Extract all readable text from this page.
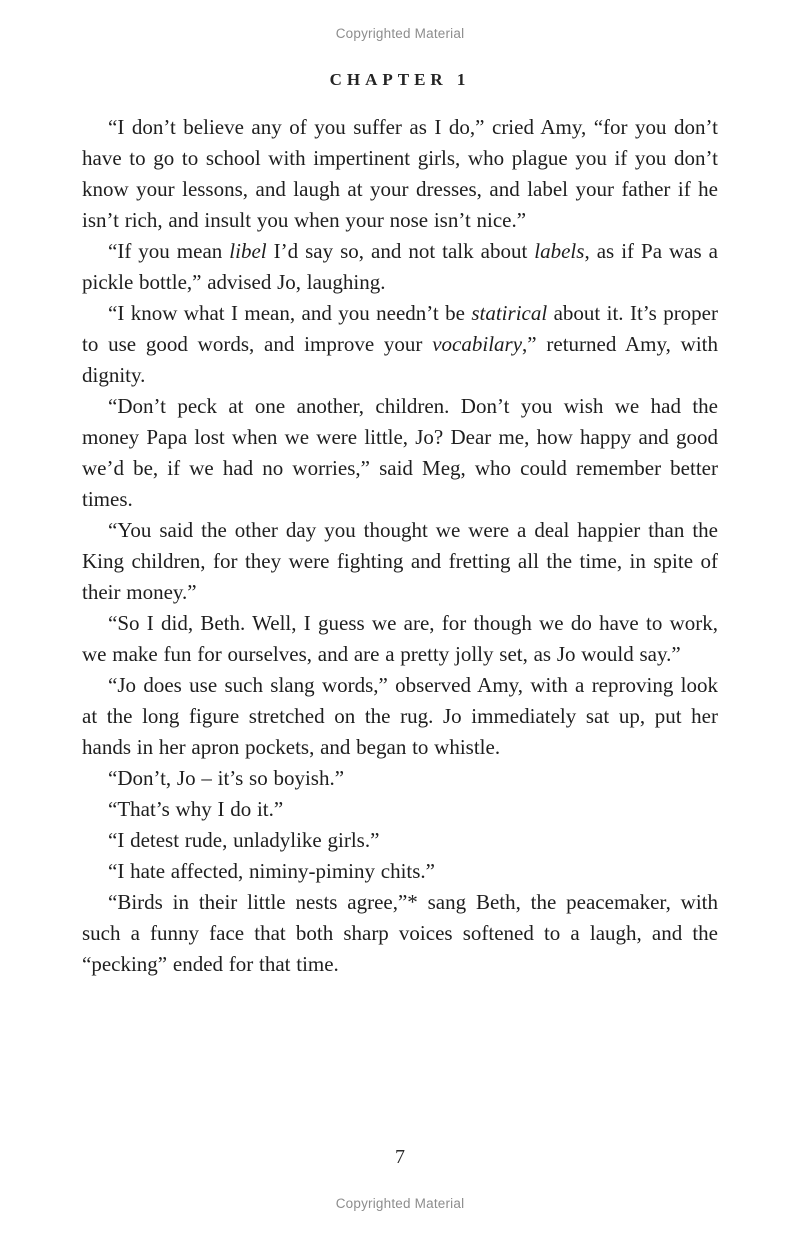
Copyrighted Material
CHAPTER 1

“I don’t believe any of you suffer as I do,” cried Amy, “for you don’t have to go to school with impertinent girls, who plague you if you don’t know your lessons, and laugh at your dresses, and label your father if he isn’t rich, and insult you when your nose isn’t nice.”

“If you mean libel I’d say so, and not talk about labels, as if Pa was a pickle bottle,” advised Jo, laughing.

“I know what I mean, and you needn’t be statirical about it. It’s proper to use good words, and improve your vocabilary,” returned Amy, with dignity.

“Don’t peck at one another, children. Don’t you wish we had the money Papa lost when we were little, Jo? Dear me, how happy and good we’d be, if we had no worries,” said Meg, who could remember better times.

“You said the other day you thought we were a deal happier than the King children, for they were fighting and fretting all the time, in spite of their money.”

“So I did, Beth. Well, I guess we are, for though we do have to work, we make fun for ourselves, and are a pretty jolly set, as Jo would say.”

“Jo does use such slang words,” observed Amy, with a reproving look at the long figure stretched on the rug. Jo immediately sat up, put her hands in her apron pockets, and began to whistle.

“Don’t, Jo – it’s so boyish.”

“That’s why I do it.”

“I detest rude, unladylike girls.”

“I hate affected, niminy-piminy chits.”

“Birds in their little nests agree,”* sang Beth, the peacemaker, with such a funny face that both sharp voices softened to a laugh, and the “pecking” ended for that time.

7
Copyrighted Material
